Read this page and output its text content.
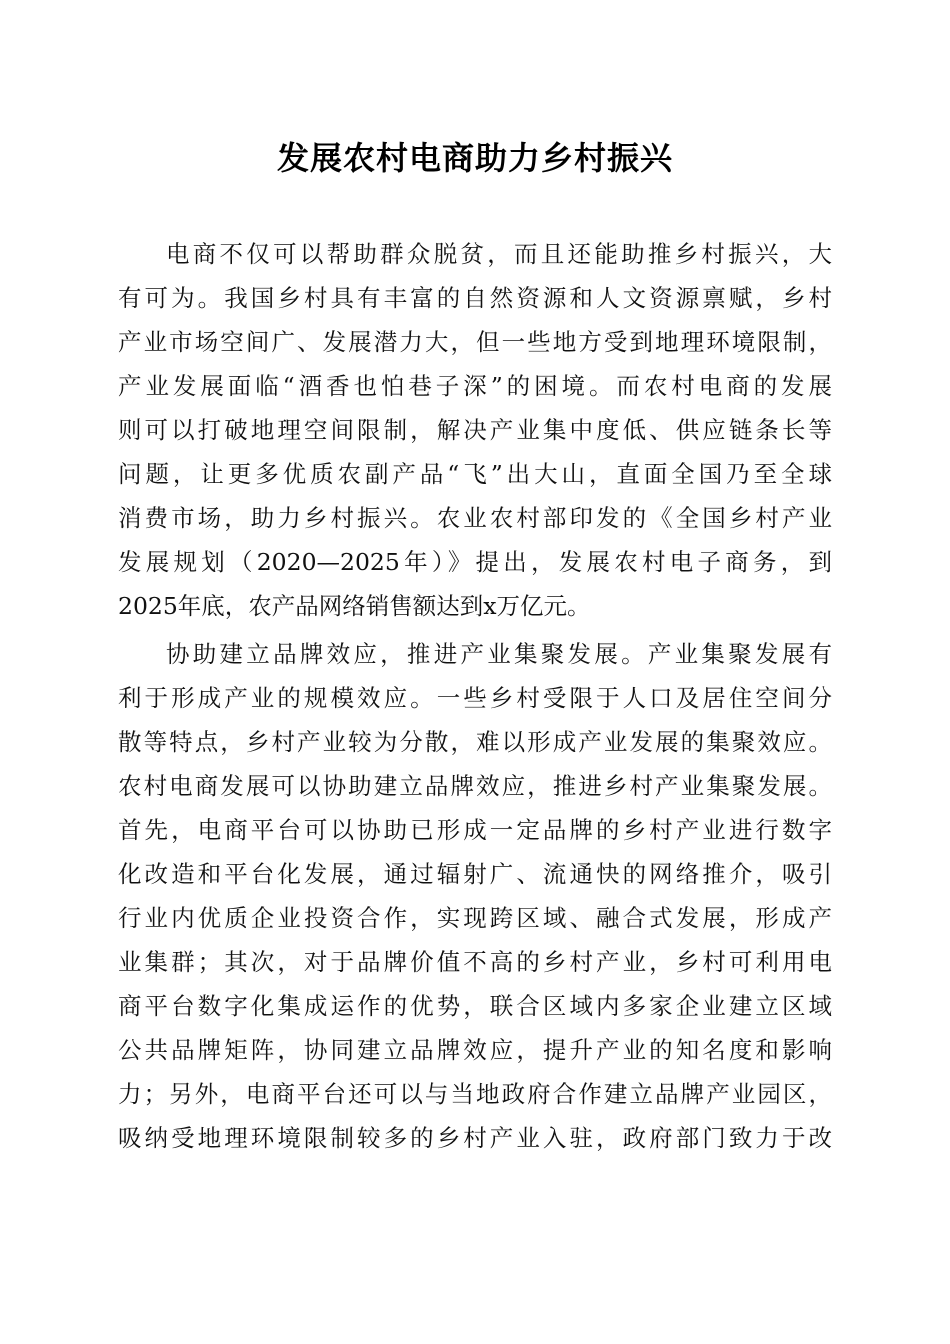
发展农村电商助力乡村振兴
电商不仅可以帮助群众脱贫，而且还能助推乡村振兴，大
有可为。我国乡村具有丰富的自然资源和人文资源禀赋，乡村
产业市场空间广、发展潜力大，但一些地方受到地理环境限制，
产业发展面临“酒香也怕巷子深”的困境。而农村电商的发展
则可以打破地理空间限制，解决产业集中度低、供应链条长等
问题，让更多优质农副产品“飞”出大山，直面全国乃至全球
消费市场，助力乡村振兴。农业农村部印发的《全国乡村产业
发展规划（2020—2025年）》提出，发展农村电子商务，到
2025年底，农产品网络销售额达到x万亿元。
协助建立品牌效应，推进产业集聚发展。产业集聚发展有
利于形成产业的规模效应。一些乡村受限于人口及居住空间分
散等特点，乡村产业较为分散，难以形成产业发展的集聚效应。
农村电商发展可以协助建立品牌效应，推进乡村产业集聚发展。
首先，电商平台可以协助已形成一定品牌的乡村产业进行数字
化改造和平台化发展，通过辐射广、流通快的网络推介，吸引
行业内优质企业投资合作，实现跨区域、融合式发展，形成产
业集群；其次，对于品牌价值不高的乡村产业，乡村可利用电
商平台数字化集成运作的优势，联合区域内多家企业建立区域
公共品牌矩阵，协同建立品牌效应，提升产业的知名度和影响
力；另外，电商平台还可以与当地政府合作建立品牌产业园区，
吸纳受地理环境限制较多的乡村产业入驻，政府部门致力于改
